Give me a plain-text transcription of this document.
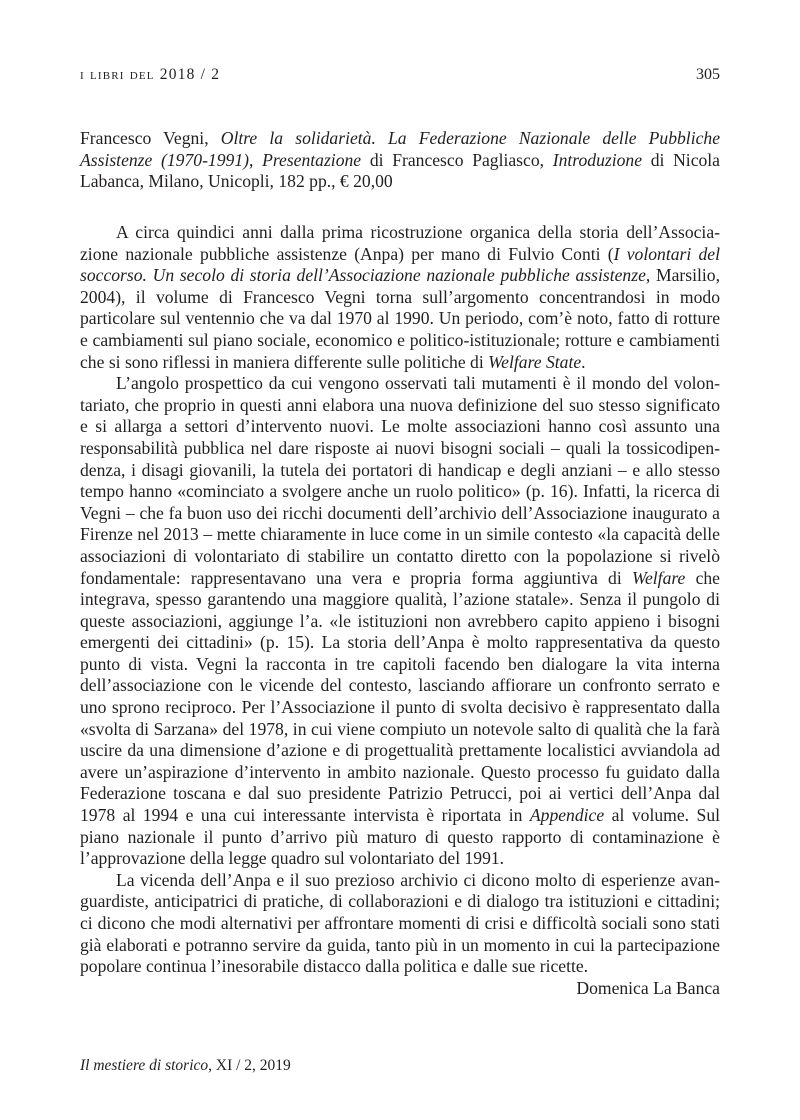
i libri del 2018 / 2	305

Francesco Vegni, Oltre la solidarietà. La Federazione Nazionale delle Pubbliche Assistenze (1970-1991), Presentazione di Francesco Pagliasco, Introduzione di Nicola Labanca, Milano, Unicopli, 182 pp., € 20,00

A circa quindici anni dalla prima ricostruzione organica della storia dell’Associazione nazionale pubbliche assistenze (Anpa) per mano di Fulvio Conti (I volontari del soccorso. Un secolo di storia dell’Associazione nazionale pubbliche assistenze, Marsilio, 2004), il volume di Francesco Vegni torna sull’argomento concentrandosi in modo particolare sul ventennio che va dal 1970 al 1990. Un periodo, com’è noto, fatto di rotture e cambiamenti sul piano sociale, economico e politico-istituzionale; rotture e cambiamenti che si sono riflessi in maniera differente sulle politiche di Welfare State.

L’angolo prospettico da cui vengono osservati tali mutamenti è il mondo del volontariato, che proprio in questi anni elabora una nuova definizione del suo stesso significato e si allarga a settori d’intervento nuovi. Le molte associazioni hanno così assunto una responsabilità pubblica nel dare risposte ai nuovi bisogni sociali – quali la tossicodipendenza, i disagi giovanili, la tutela dei portatori di handicap e degli anziani – e allo stesso tempo hanno «cominciato a svolgere anche un ruolo politico» (p. 16). Infatti, la ricerca di Vegni – che fa buon uso dei ricchi documenti dell’archivio dell’Associazione inaugurato a Firenze nel 2013 – mette chiaramente in luce come in un simile contesto «la capacità delle associazioni di volontariato di stabilire un contatto diretto con la popolazione si rivelò fondamentale: rappresentavano una vera e propria forma aggiuntiva di Welfare che integrava, spesso garantendo una maggiore qualità, l’azione statale». Senza il pungolo di queste associazioni, aggiunge l’a. «le istituzioni non avrebbero capito appieno i bisogni emergenti dei cittadini» (p. 15). La storia dell’Anpa è molto rappresentativa da questo punto di vista. Vegni la racconta in tre capitoli facendo ben dialogare la vita interna dell’associazione con le vicende del contesto, lasciando affiorare un confronto serrato e uno sprono reciproco. Per l’Associazione il punto di svolta decisivo è rappresentato dalla «svolta di Sarzana» del 1978, in cui viene compiuto un notevole salto di qualità che la farà uscire da una dimensione d’azione e di progettualità prettamente localistici avviandola ad avere un’aspirazione d’intervento in ambito nazionale. Questo processo fu guidato dalla Federazione toscana e dal suo presidente Patrizio Petrucci, poi ai vertici dell’Anpa dal 1978 al 1994 e una cui interessante intervista è riportata in Appendice al volume. Sul piano nazionale il punto d’arrivo più maturo di questo rapporto di contaminazione è l’approvazione della legge quadro sul volontariato del 1991.

La vicenda dell’Anpa e il suo prezioso archivio ci dicono molto di esperienze avanguardiste, anticipatrici di pratiche, di collaborazioni e di dialogo tra istituzioni e cittadini; ci dicono che modi alternativi per affrontare momenti di crisi e difficoltà sociali sono stati già elaborati e potranno servire da guida, tanto più in un momento in cui la partecipazione popolare continua l’inesorabile distacco dalla politica e dalle sue ricette.

Domenica La Banca

Il mestiere di storico, XI / 2, 2019
